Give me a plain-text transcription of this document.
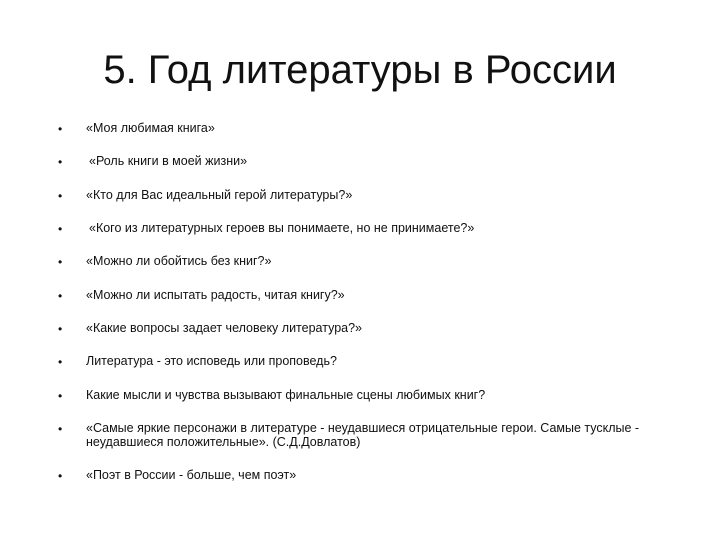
5. Год литературы в России
• «Моя любимая книга»
• «Роль книги в моей жизни»
• «Кто для Вас идеальный герой литературы?»
• «Кого из литературных героев вы понимаете, но не принимаете?»
• «Можно ли обойтись без книг?»
• «Можно ли испытать радость, читая книгу?»
• «Какие вопросы задает человеку литература?»
• Литература - это исповедь или проповедь?
• Какие мысли и чувства вызывают финальные сцены любимых книг?
• «Самые яркие персонажи в литературе - неудавшиеся отрицательные герои. Самые тусклые - неудавшиеся положительные». (С.Д.Довлатов)
• «Поэт в России - больше, чем поэт»
